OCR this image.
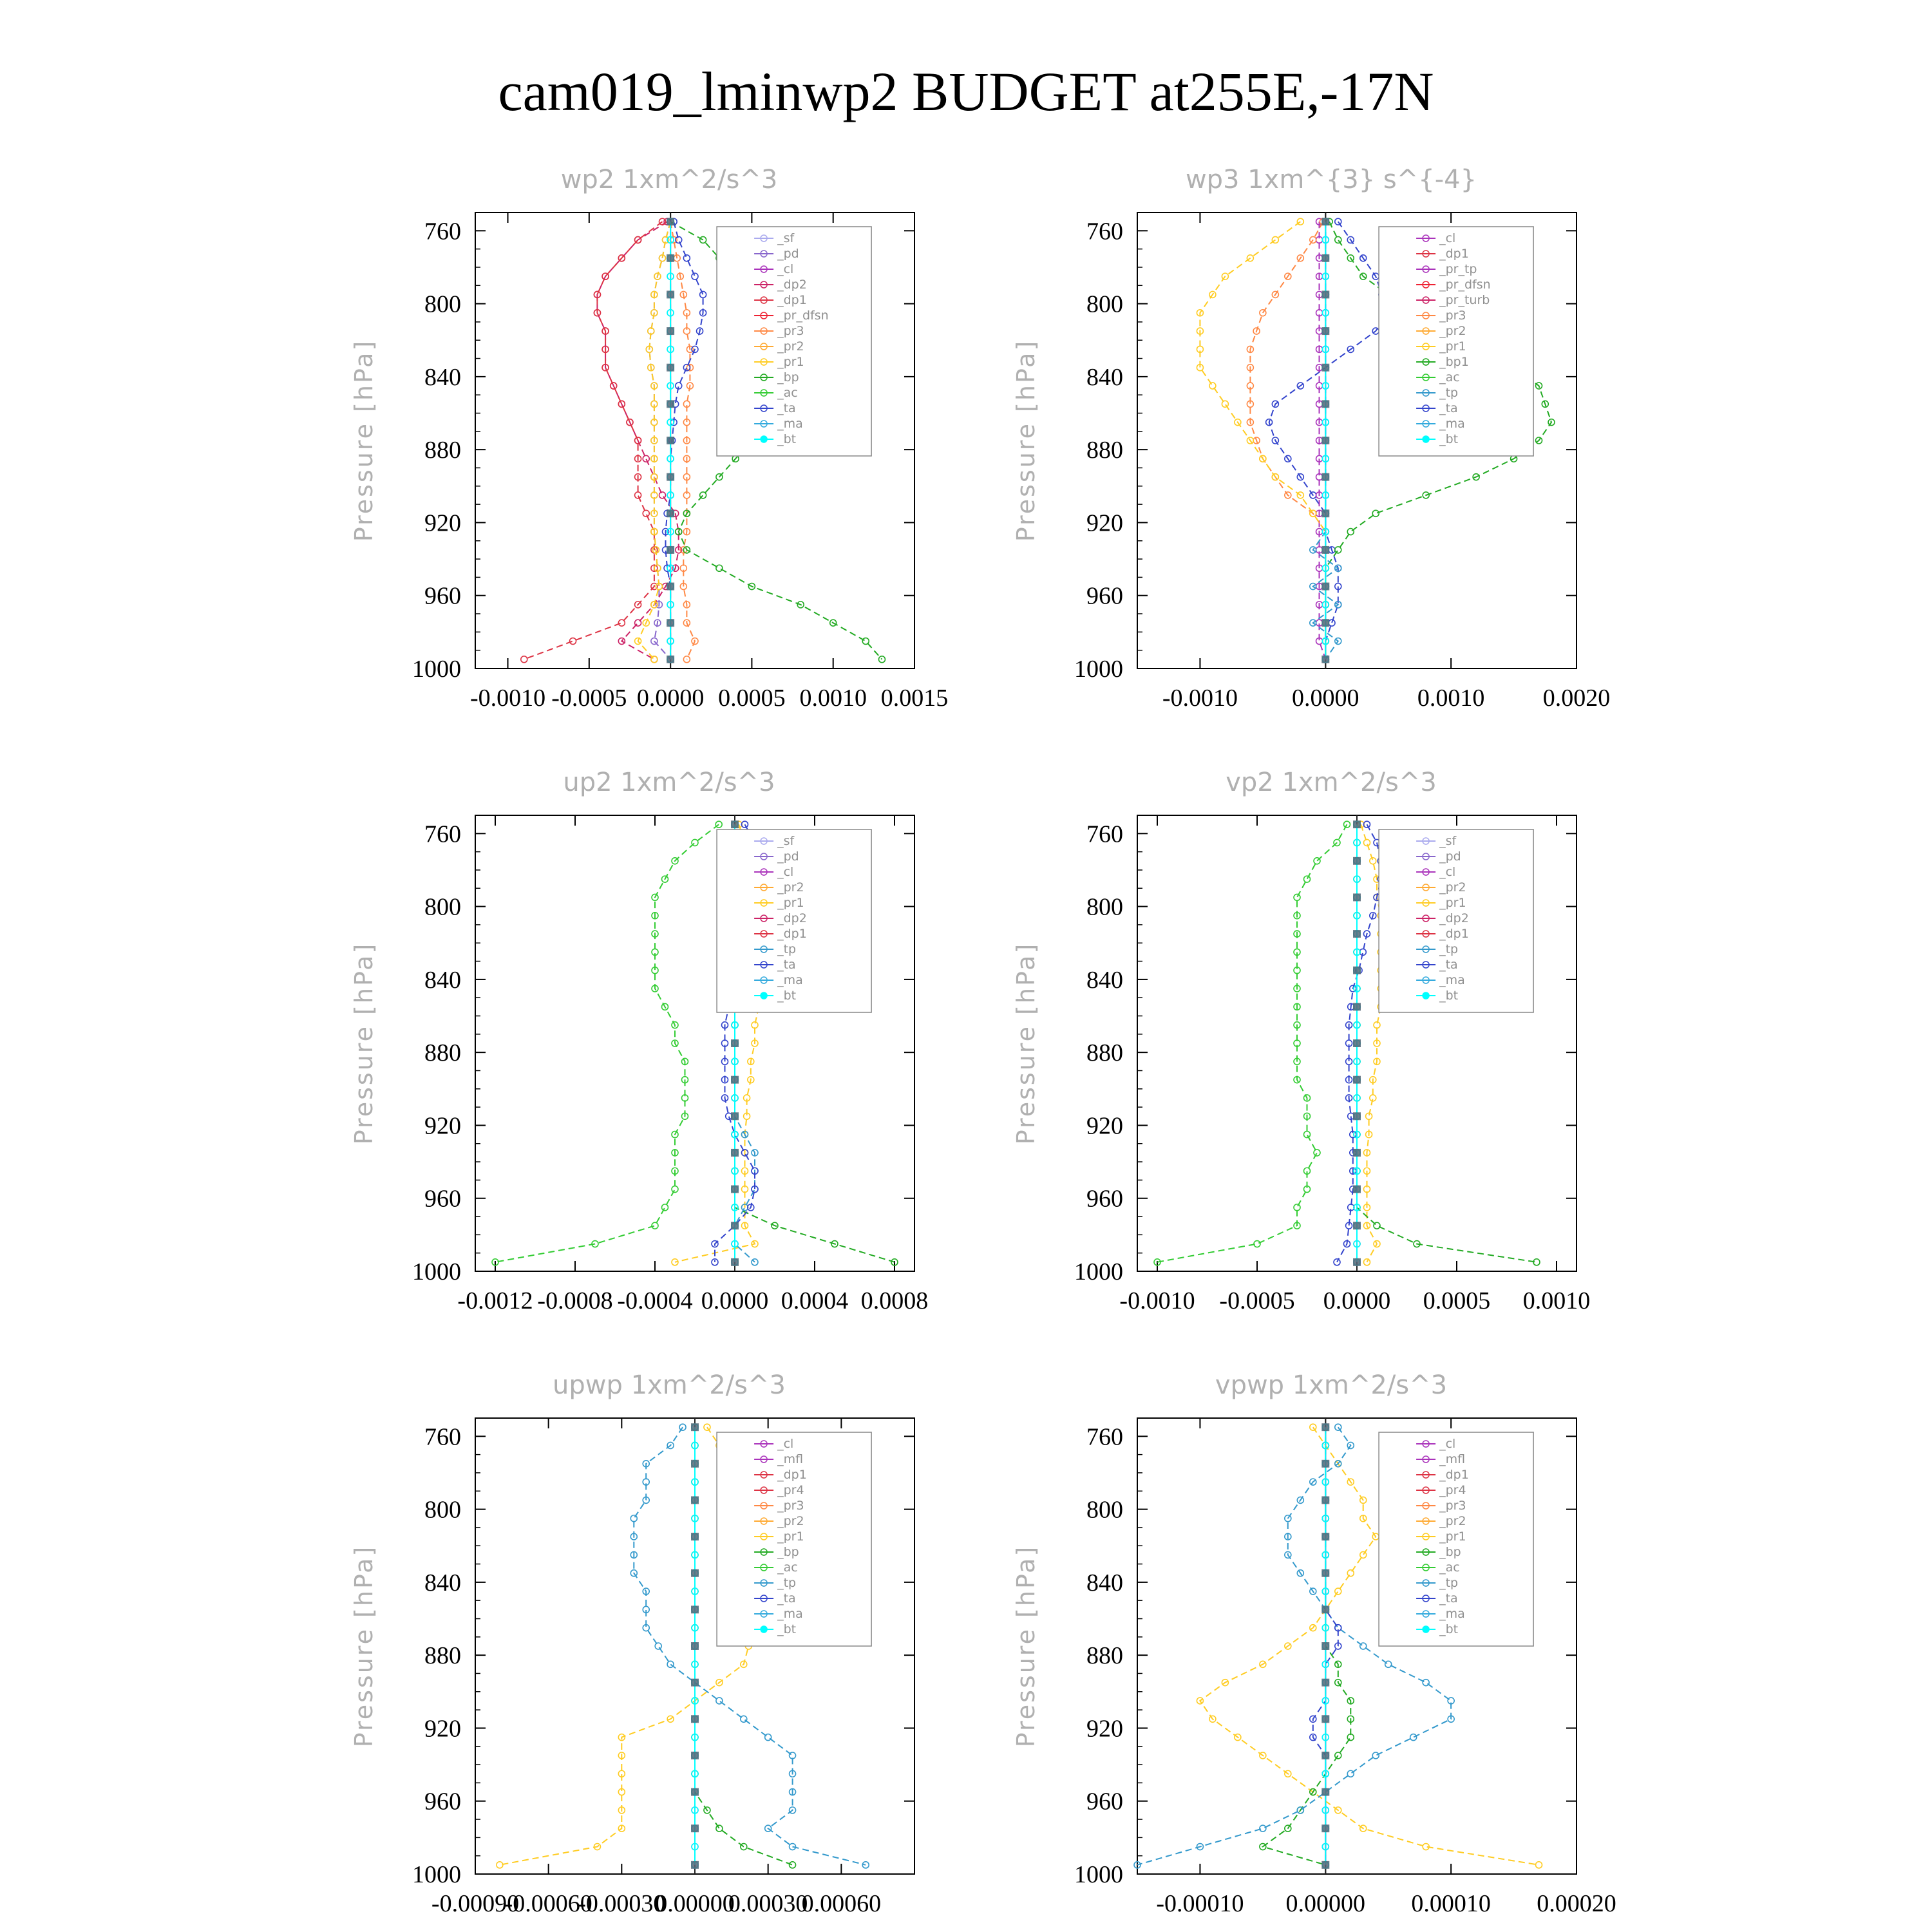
cam019_lminwp2 BUDGET at255E,-17N
wp2 1xm^2/s^3
Pressure [hPa]
760
800
840
880
920
960
1000
-0.0010 -0.0005 0.0000 0.0005 0.0010 0.0015
_sf
_pd
_cl
_dp2
_dp1
_pr_dfsn
_pr3
_pr2
_pr1
_bp
_ac
_ta
_ma
_bt
wp3 1xm^{3} s^{-4}
Pressure [hPa]
760
800
840
880
920
960
1000
-0.0010 0.0000 0.0010 0.0020
_cl
_dp1
_pr_tp
_pr_dfsn
_pr_turb
_pr3
_pr2
_pr1
_bp1
_ac
_tp
_ta
_ma
_bt
up2 1xm^2/s^3
Pressure [hPa]
760
800
840
880
920
960
1000
-0.0012 -0.0008 -0.0004 0.0000 0.0004 0.0008
_sf
_pd
_cl
_pr2
_pr1
_dp2
_dp1
_tp
_ta
_ma
_bt
vp2 1xm^2/s^3
Pressure [hPa]
760
800
840
880
920
960
1000
-0.0010 -0.0005 0.0000 0.0005 0.0010
_sf
_pd
_cl
_pr2
_pr1
_dp2
_dp1
_tp
_ta
_ma
_bt
upwp 1xm^2/s^3
Pressure [hPa]
760
800
840
880
920
960
1000
-0.00090
-0.00060
-0.00030
0.00000
0.00030
0.00060
_cl
_mfl
_dp1
_pr4
_pr3
_pr2
_pr1
_bp
_ac
_tp
_ta
_ma
_bt
vpwp 1xm^2/s^3
Pressure [hPa]
760
800
840
880
920
960
1000
-0.00010 0.00000 0.00010 0.00020
_cl
_mfl
_dp1
_pr4
_pr3
_pr2
_pr1
_bp
_ac
_tp
_ta
_ma
_bt
